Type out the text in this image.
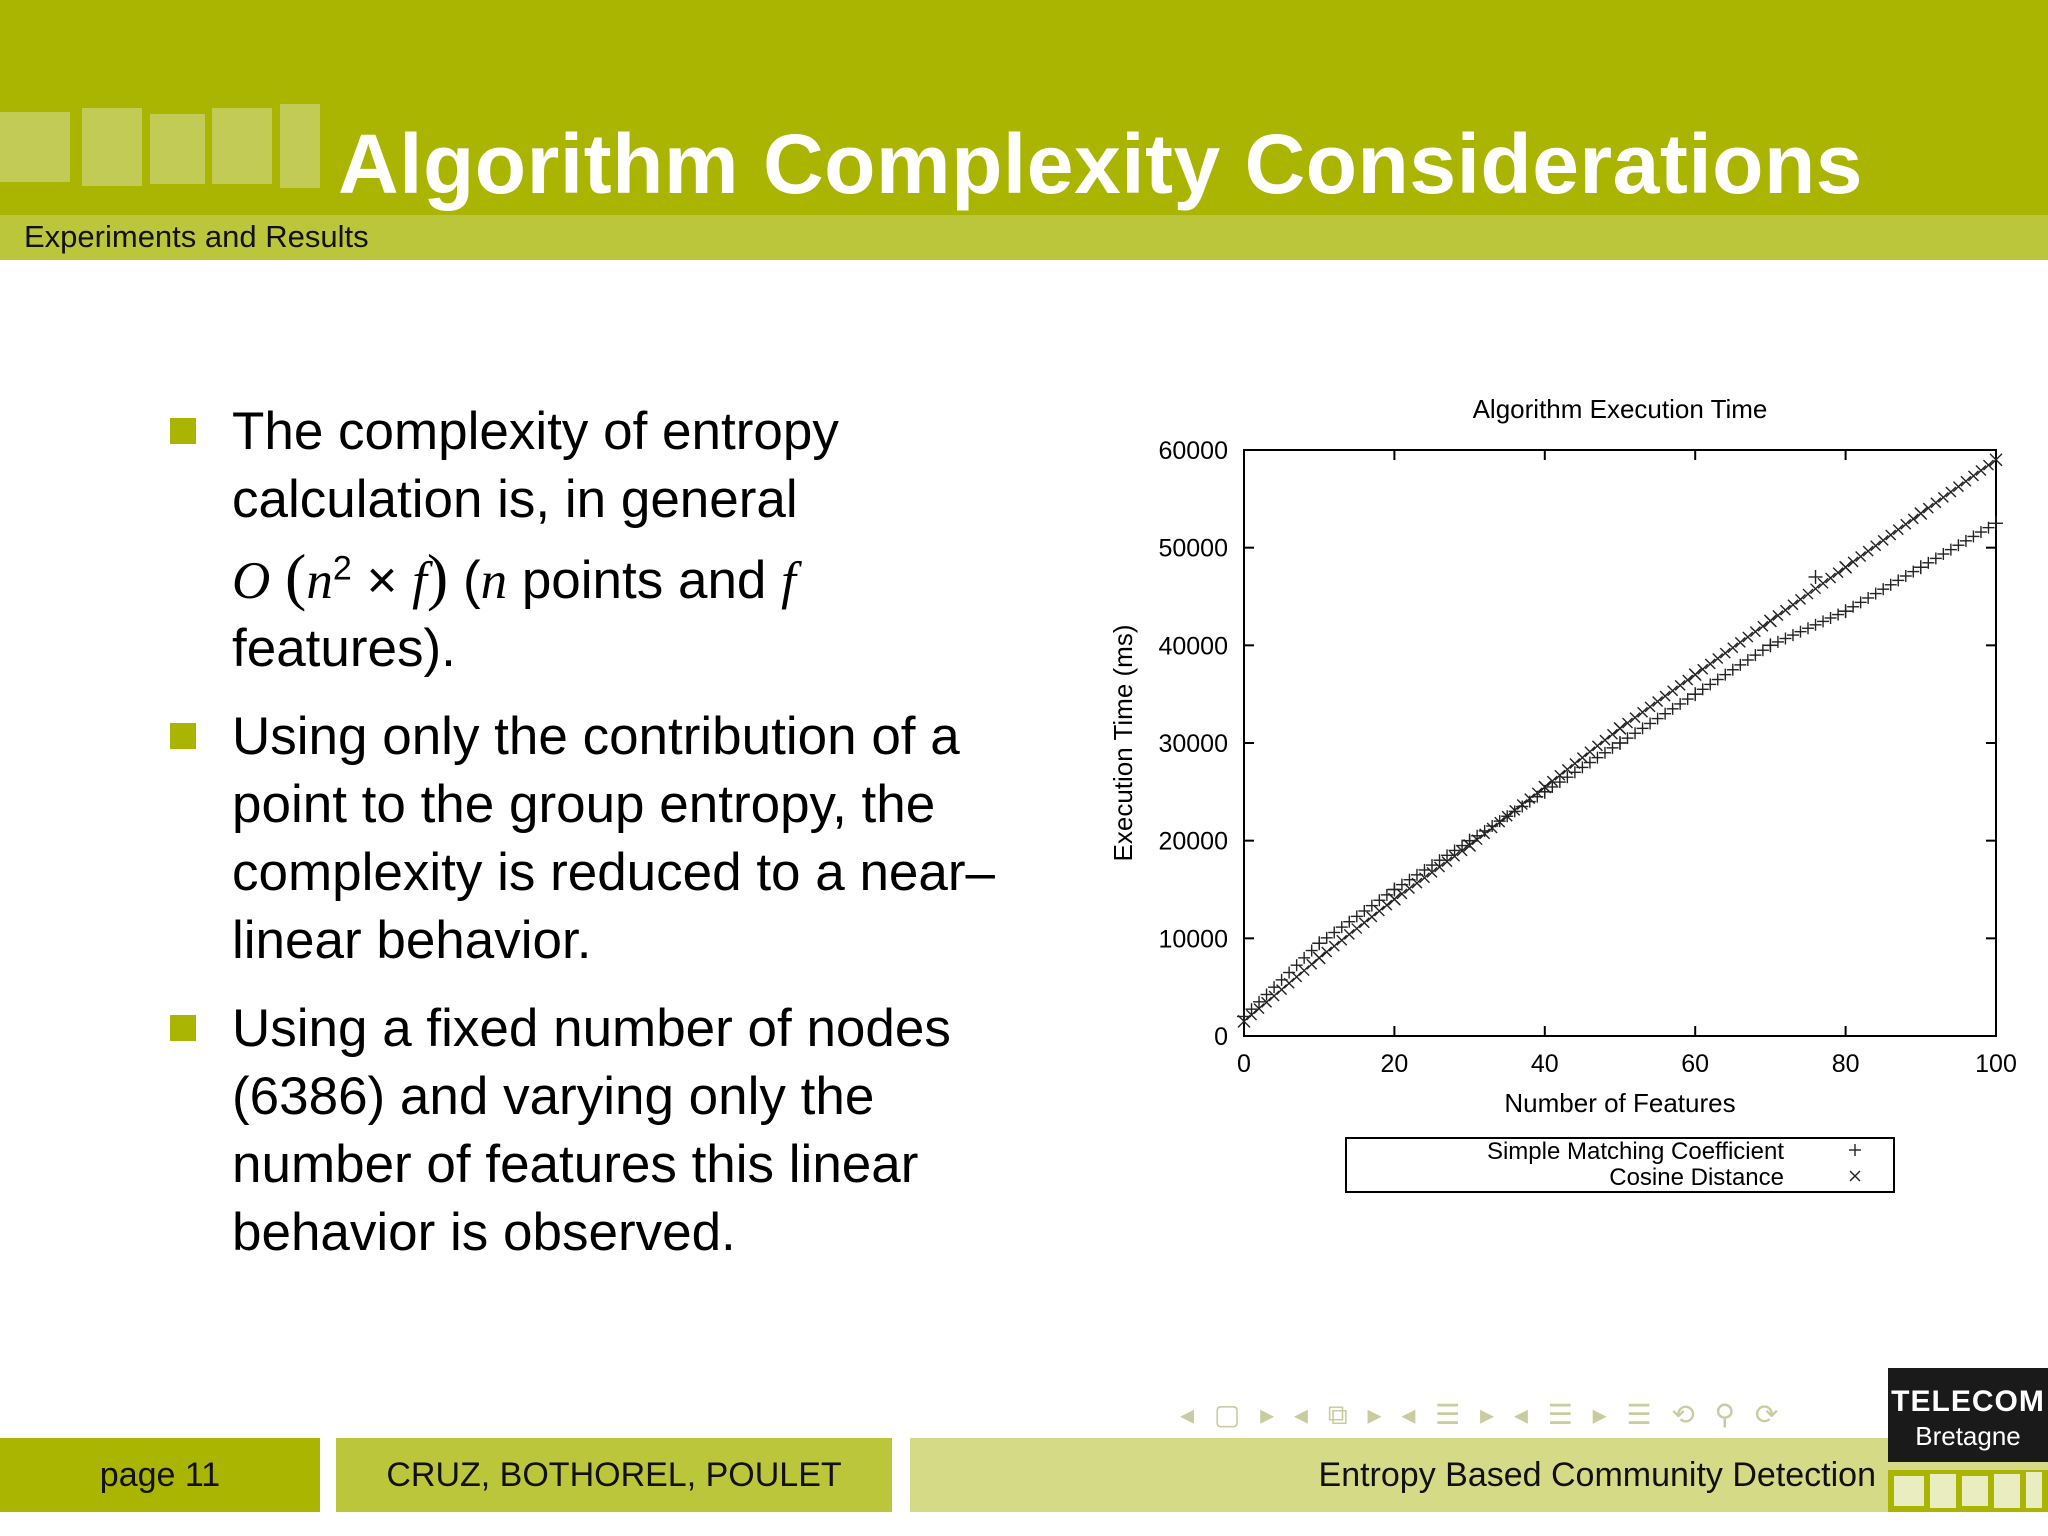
Algorithm Complexity Considerations
Experiments and Results
The complexity of entropy
calculation is, in general
O $(n^2 \times f)$ (n points and f
features).
Using only the contribution of a point to the group entropy, the complexity is reduced to a near–linear behavior.
Using a fixed number of nodes (6386) and varying only the number of features this linear behavior is observed.
Algorithm Execution Time
0
10000
20000
30000
40000
50000
60000
0	20	40	60	80	100
Execution Time (ms)
Number of Features
Simple Matching Coefficient
Cosine Distance
◂ ▢ ▸ ◂ ⧉ ▸ ◂ ☰ ▸ ◂ ☰ ▸ ☰ ⟲ ⚲ ⟳
page 11	CRUZ, BOTHOREL, POULET	Entropy Based Community Detection
TELECOM
Bretagne
